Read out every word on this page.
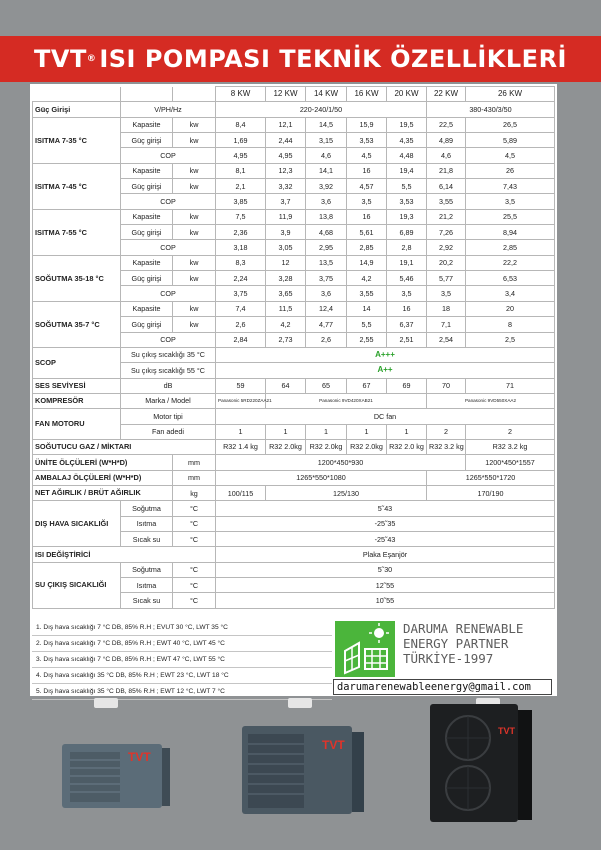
TVT ® ISI POMPASI TEKNİK ÖZELLİKLERİ
			8 KW	12 KW	14 KW	16 KW	20 KW	22 KW	26 KW
Güç Girişi	V/PH/Hz		220-240/1/50					380-430/3/50	
ISITMA 7-35 °C	Kapasite	kw	8,4	12,1	14,5	15,9	19,5	22,5	26,5
	Güç girişi	kw	1,69	2,44	3,15	3,53	4,35	4,89	5,89
	COP		4,95	4,95	4,6	4,5	4,48	4,6	4,5
ISITMA 7-45 °C	Kapasite	kw	8,1	12,3	14,1	16	19,4	21,8	26
	Güç girişi	kw	2,1	3,32	3,92	4,57	5,5	6,14	7,43
	COP		3,85	3,7	3,6	3,5	3,53	3,55	3,5
ISITMA 7-55 °C	Kapasite	kw	7,5	11,9	13,8	16	19,3	21,2	25,5
	Güç girişi	kw	2,36	3,9	4,68	5,61	6,89	7,26	8,94
	COP		3,18	3,05	2,95	2,85	2,8	2,92	2,85
SOĞUTMA 35-18 °C	Kapasite	kw	8,3	12	13,5	14,9	19,1	20,2	22,2
	Güç girişi	kw	2,24	3,28	3,75	4,2	5,46	5,77	6,53
	COP		3,75	3,65	3,6	3,55	3,5	3,5	3,4
SOĞUTMA 35-7 °C	Kapasite	kw	7,4	11,5	12,4	14	16	18	20
	Güç girişi	kw	2,6	4,2	4,77	5,5	6,37	7,1	8
	COP		2,84	2,73	2,6	2,55	2,51	2,54	2,5
SCOP	Su çıkış sıcaklığı 35 °C		A+++						
	Su çıkış sıcaklığı 55 °C		A++						
SES SEVİYESİ	dB		59	64	65	67	69	70	71
KOMPRESÖR	Marka / Model		Panasonic 5RD220ZAA21	Panasonic 9VD420XAB21				Panasonic 9VD550XAA2	
FAN MOTORU	Motor tipi		DC fan						
	Fan adedi		1	1	1	1	1	2	2
SOĞUTUCU GAZ / MİKTARI			R32 1.4 kg	R32 2.0kg	R32 2.0kg	R32 2.0kg	R32 2.0 kg	R32 3.2 kg	R32 3.2 kg
ÜNİTE ÖLÇÜLERİ (W*H*D)		mm	1200*450*930						1200*450*1557
AMBALAJ ÖLÇÜLERİ (W*H*D)		mm	1265*550*1080					1265*550*1720	
NET AĞIRLIK / BRÜT AĞIRLIK		kg	100/115	125/130				170/190	
DIŞ HAVA SICAKLIĞI	Soğutma	°C	5˜43						
	Isıtma	°C	-25˜35						
	Sıcak su	°C	-25˜43						
ISI DEĞİŞTİRİCİ			Plaka Eşanjör						
SU ÇIKIŞ SICAKLIĞI	Soğutma	°C	5˜30						
	Isıtma	°C	12˜55						
	Sıcak su	°C	10˜55						
1. Dış hava sıcaklığı 7 °C DB, 85% R.H ; EVUT 30 °C, LWT 35 °C
2. Dış hava sıcaklığı 7 °C DB, 85% R.H ; EWT 40 °C, LWT 45 °C
3. Dış hava sıcaklığı 7 °C DB, 85% R.H ; EWT 47 °C, LWT 55 °C
4. Dış hava sıcaklığı 35 °C DB, 85% R.H ; EWT 23 °C, LWT 18 °C
5. Dış hava sıcaklığı 35 °C DB, 85% R.H ; EWT 12 °C, LWT 7 °C
DARUMA RENEWABLE
ENERGY PARTNER
TÜRKİYE-1997
darumarenewableenergy@gmail.com
TVT
TVT
TVT
